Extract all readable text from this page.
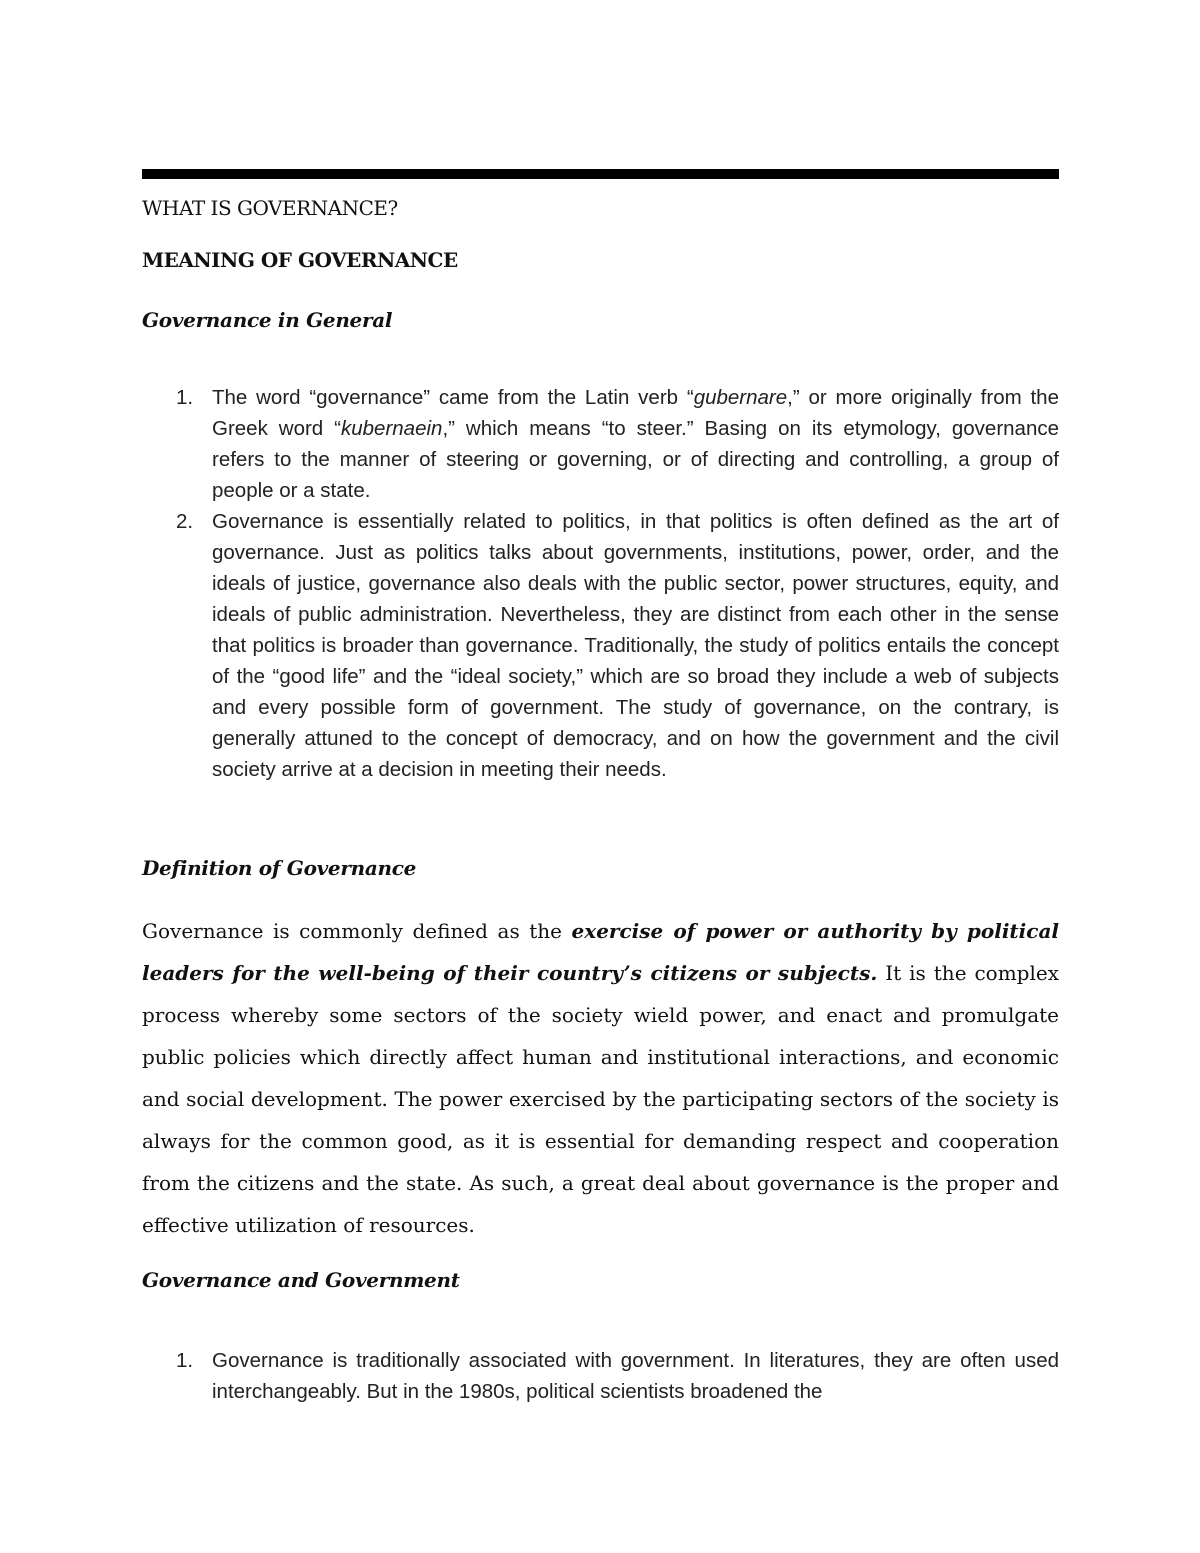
WHAT IS GOVERNANCE?
MEANING OF GOVERNANCE
Governance in General
1. The word “governance” came from the Latin verb “gubernare,” or more originally from the Greek word “kubernaein,” which means “to steer.” Basing on its etymology, governance refers to the manner of steering or governing, or of directing and controlling, a group of people or a state.
2. Governance is essentially related to politics, in that politics is often defined as the art of governance. Just as politics talks about governments, institutions, power, order, and the ideals of justice, governance also deals with the public sector, power structures, equity, and ideals of public administration. Nevertheless, they are distinct from each other in the sense that politics is broader than governance. Traditionally, the study of politics entails the concept of the “good life” and the “ideal society,” which are so broad they include a web of subjects and every possible form of government. The study of governance, on the contrary, is generally attuned to the concept of democracy, and on how the government and the civil society arrive at a decision in meeting their needs.
Definition of Governance
Governance is commonly defined as the exercise of power or authority by political leaders for the well-being of their country’s citizens or subjects. It is the complex process whereby some sectors of the society wield power, and enact and promulgate public policies which directly affect human and institutional interactions, and economic and social development. The power exercised by the participating sectors of the society is always for the common good, as it is essential for demanding respect and cooperation from the citizens and the state. As such, a great deal about governance is the proper and effective utilization of resources.
Governance and Government
1. Governance is traditionally associated with government. In literatures, they are often used interchangeably. But in the 1980s, political scientists broadened the
